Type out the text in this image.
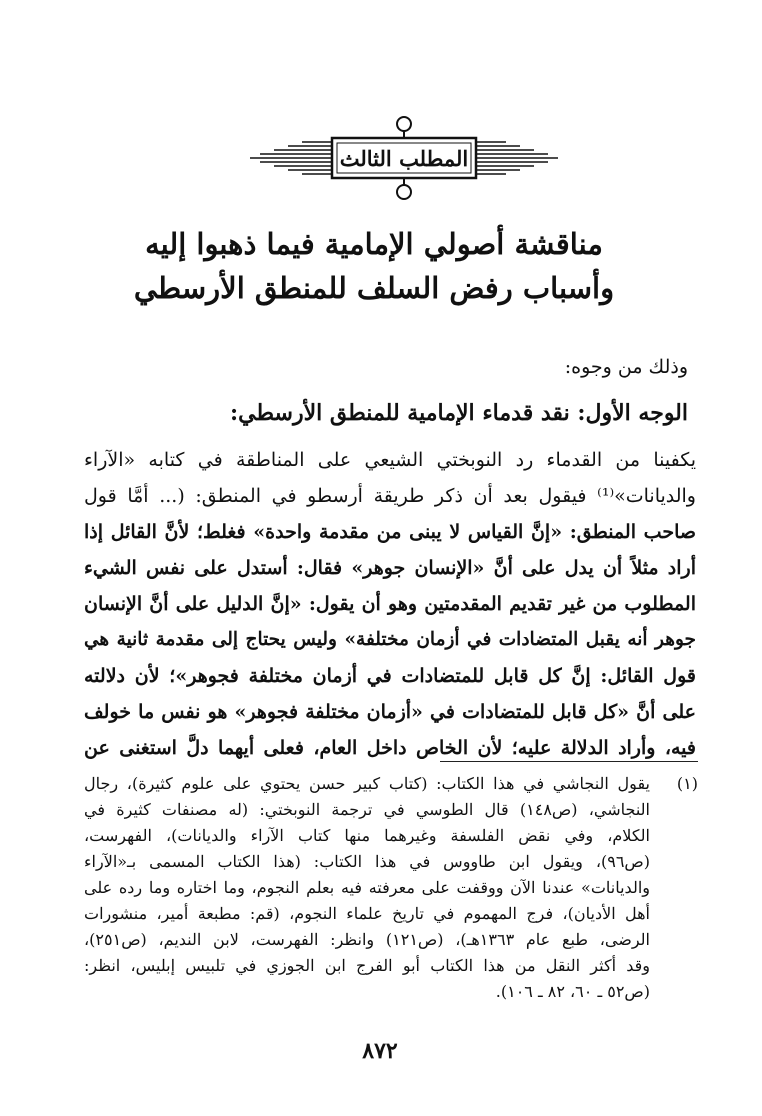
المطلب الثالث
مناقشة أصولي الإمامية فيما ذهبوا إليه
وأسباب رفض السلف للمنطق الأرسطي
وذلك من وجوه:
الوجه الأول: نقد قدماء الإمامية للمنطق الأرسطي:
يكفينا من القدماء رد النوبختي الشيعي على المناطقة في كتابه «الآراء
والديانات»⁽¹⁾ فيقول بعد أن ذكر طريقة أرسطو في المنطق: (... أمَّا قول
صاحب المنطق: «إنَّ القياس لا يبنى من مقدمة واحدة» فغلط؛ لأنَّ القائل إذا
أراد مثلاً أن يدل على أنَّ «الإنسان جوهر» فقال: أستدل على نفس الشيء
المطلوب من غير تقديم المقدمتين وهو أن يقول: «إنَّ الدليل على أنَّ الإنسان
جوهر أنه يقبل المتضادات في أزمان مختلفة» وليس يحتاج إلى مقدمة ثانية هي
قول القائل: إنَّ كل قابل للمتضادات في أزمان مختلفة فجوهر»؛ لأن دلالته
على أنَّ «كل قابل للمتضادات في «أزمان مختلفة فجوهر» هو نفس ما خولف
فيه، وأراد الدلالة عليه؛ لأن الخاص داخل العام، فعلى أيهما دلَّ استغنى عن
(١)
يقول النجاشي في هذا الكتاب: (كتاب كبير حسن يحتوي على علوم كثيرة)، رجال
النجاشي، (ص١٤٨) قال الطوسي في ترجمة النوبختي: (له مصنفات كثيرة في
الكلام، وفي نقض الفلسفة وغيرهما منها كتاب الآراء والديانات)، الفهرست،
(ص٩٦)، ويقول ابن طاووس في هذا الكتاب: (هذا الكتاب المسمى بـ«الآراء
والديانات» عندنا الآن ووقفت على معرفته فيه بعلم النجوم، وما اختاره وما رده على
أهل الأديان)، فرج المهموم في تاريخ علماء النجوم، (قم: مطبعة أمير، منشورات
الرضى، طبع عام ١٣٦٣هـ)، (ص١٢١) وانظر: الفهرست، لابن النديم، (ص٢٥١)،
وقد أكثر النقل من هذا الكتاب أبو الفرج ابن الجوزي في تلبيس إبليس، انظر:
(ص٥٢ ـ ٦٠، ٨٢ ـ ١٠٦).
٨٧٢
